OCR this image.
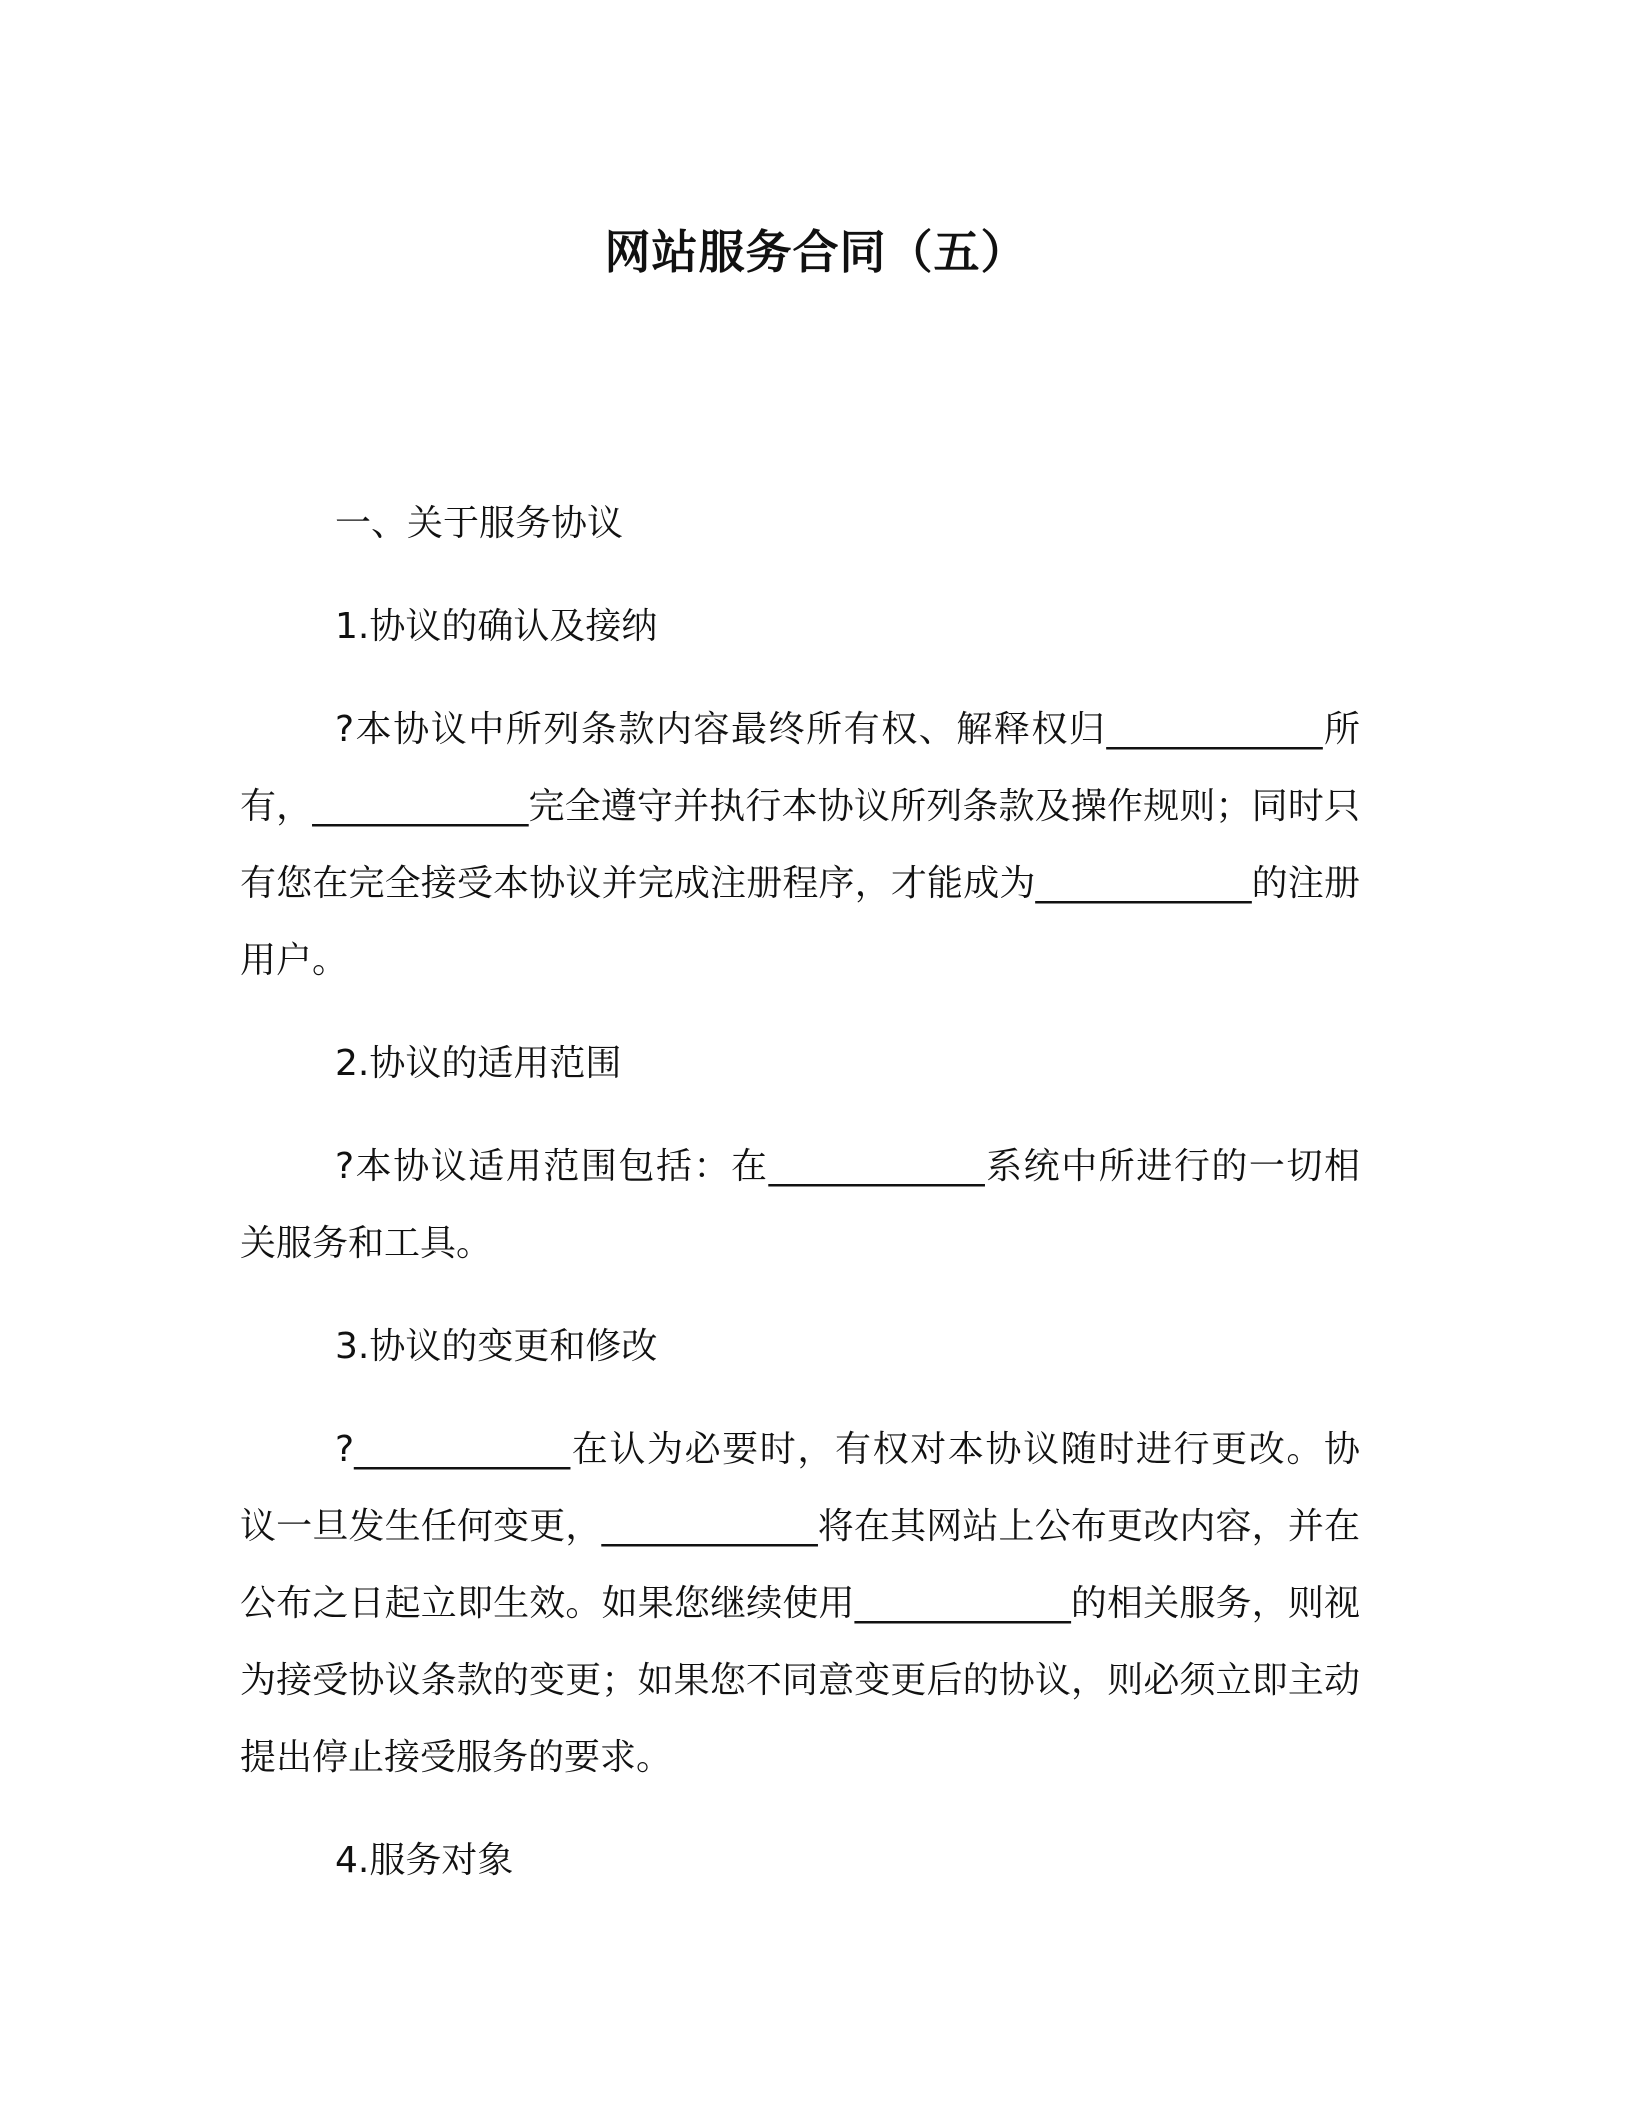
网站服务合同（五）
一、关于服务协议
1.协议的确认及接纳

?本协议中所列条款内容最终所有权、解释权归____________所有，____________完全遵守并执行本协议所列条款及操作规则；同时只有您在完全接受本协议并完成注册程序，才能成为____________的注册用户。

2.协议的适用范围

?本协议适用范围包括：在____________系统中所进行的一切相关服务和工具。

3.协议的变更和修改

?____________在认为必要时，有权对本协议随时进行更改。协议一旦发生任何变更，____________将在其网站上公布更改内容，并在公布之日起立即生效。如果您继续使用____________的相关服务，则视为接受协议条款的变更；如果您不同意变更后的协议，则必须立即主动提出停止接受服务的要求。

4.服务对象
